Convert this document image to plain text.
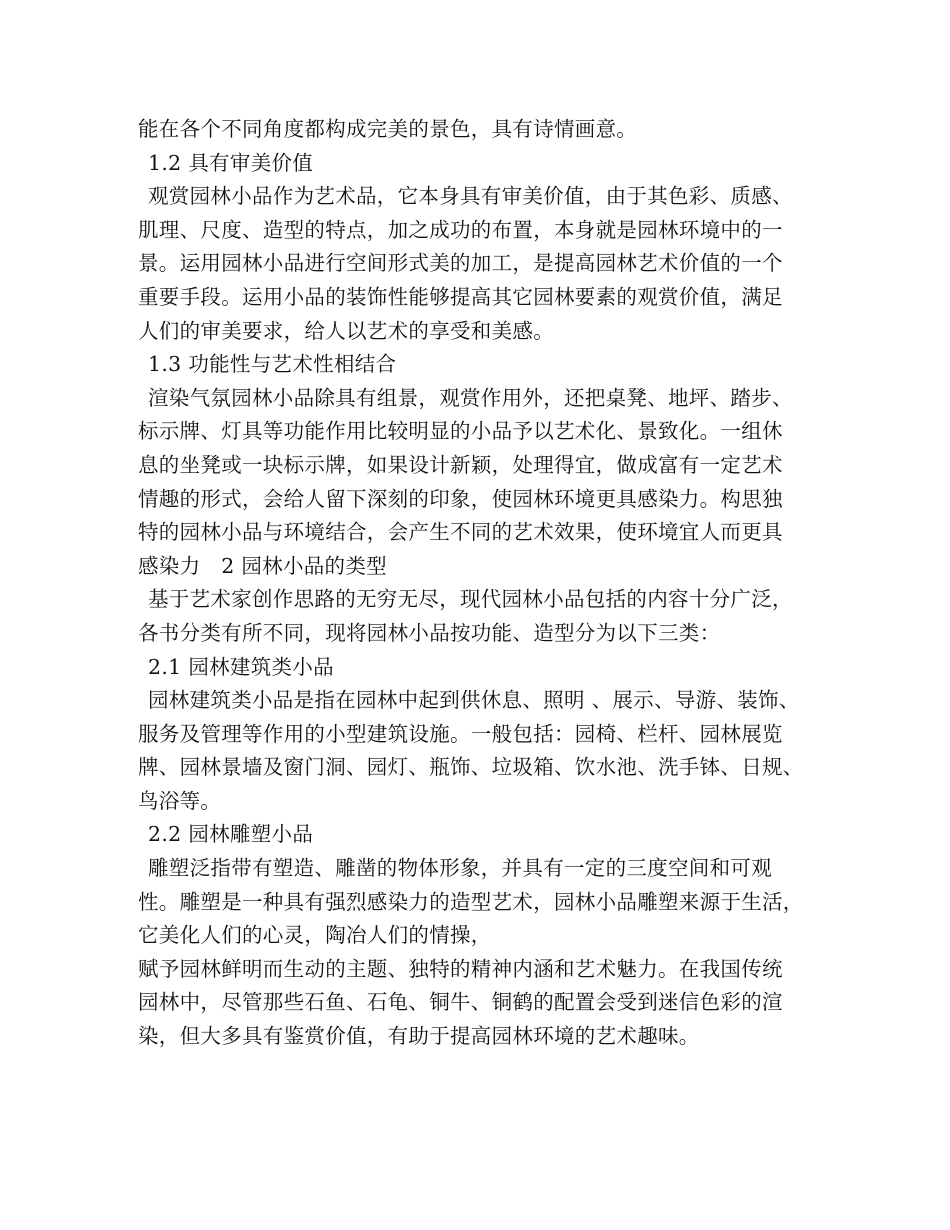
能在各个不同角度都构成完美的景色，具有诗情画意。
1.2 具有审美价值
观赏园林小品作为艺术品，它本身具有审美价值，由于其色彩、质感、
肌理、尺度、造型的特点，加之成功的布置，本身就是园林环境中的一
景。运用园林小品进行空间形式美的加工，是提高园林艺术价值的一个
重要手段。运用小品的装饰性能够提高其它园林要素的观赏价值，满足
人们的审美要求，给人以艺术的享受和美感。
1.3 功能性与艺术性相结合
渲染气氛园林小品除具有组景，观赏作用外，还把桌凳、地坪、踏步、
标示牌、灯具等功能作用比较明显的小品予以艺术化、景致化。一组休
息的坐凳或一块标示牌，如果设计新颖，处理得宜，做成富有一定艺术
情趣的形式，会给人留下深刻的印象，使园林环境更具感染力。构思独
特的园林小品与环境结合，会产生不同的艺术效果，使环境宜人而更具
感染力　2 园林小品的类型
基于艺术家创作思路的无穷无尽，现代园林小品包括的内容十分广泛，
各书分类有所不同，现将园林小品按功能、造型分为以下三类：
2.1 园林建筑类小品
园林建筑类小品是指在园林中起到供休息、照明 、展示、导游、装饰、
服务及管理等作用的小型建筑设施。一般包括：园椅、栏杆、园林展览
牌、园林景墙及窗门洞、园灯、瓶饰、垃圾箱、饮水池、洗手钵、日规、
鸟浴等。
2.2 园林雕塑小品
雕塑泛指带有塑造、雕凿的物体形象，并具有一定的三度空间和可观
性。雕塑是一种具有强烈感染力的造型艺术，园林小品雕塑来源于生活，
它美化人们的心灵，陶冶人们的情操，
赋予园林鲜明而生动的主题、独特的精神内涵和艺术魅力。在我国传统
园林中，尽管那些石鱼、石龟、铜牛、铜鹤的配置会受到迷信色彩的渲
染，但大多具有鉴赏价值，有助于提高园林环境的艺术趣味。
